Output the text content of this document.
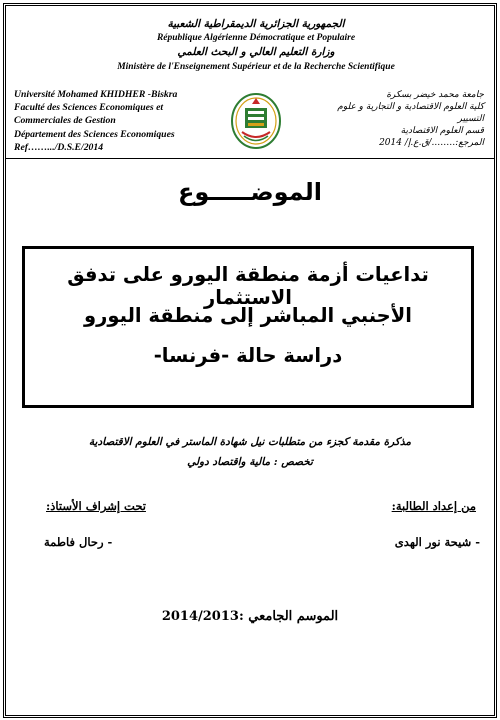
الجمهورية الجزائرية الديمقراطية الشعبية
République Algérienne Démocratique et Populaire
وزارة التعليم العالي و البحث العلمي
Ministère de l'Enseignement Supérieur et de la Recherche Scientifique
Université Mohamed KHIDHER -Biskra
Faculté des Sciences Economiques et
Commerciales de Gestion
Département des Sciences Economiques
Ref…….../D.S.E/2014
جامعة محمد خيضر بسكرة
كلية العلوم الاقتصادية و التجارية و علوم التسيير
قسم العلوم الاقتصادية
المرجع:……../ق.ع.إ/ 2014
الموضـــــوع
تداعيات أزمة منطقة اليورو على تدفق الاستثمار
الأجنبي المباشر إلى منطقة اليورو
دراسة حالة -فرنسا-
مذكرة مقدمة كجزء من متطلبات نيل شهادة الماستر في العلوم الاقتصادية
تخصص : مالية واقتصاد دولي
من إعداد الطالبة:
تحت إشراف الأستاذ:
- شيحة نور الهدى
- رحال فاطمة
الموسم الجامعي :2014/2013
